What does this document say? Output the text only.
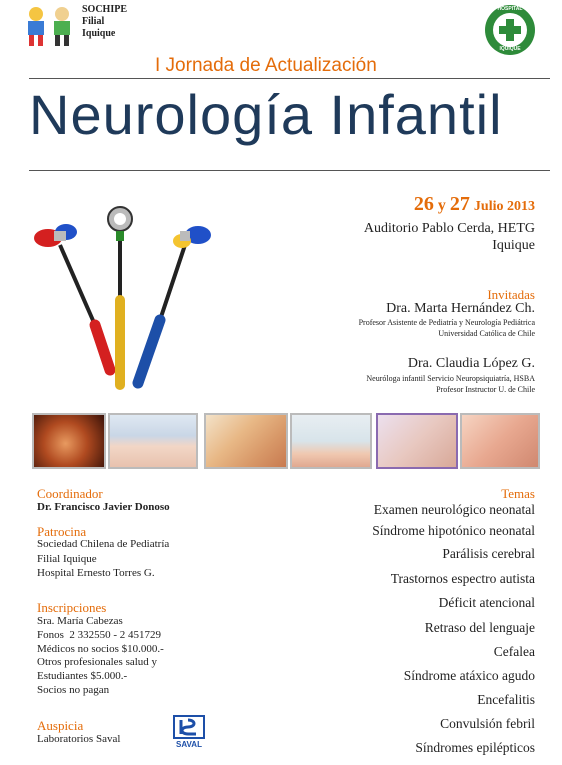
SOCHIPE
Filial
Iquique
HOSPITAL
IQUIQUE
I Jornada de Actualización
Neurología Infantil
26 y 27 Julio 2013
Auditorio Pablo Cerda, HETG
Iquique
Invitadas
Dra. Marta Hernández Ch.
Profesor Asistente de Pediatría y Neurología Pediátrica
Universidad Católica de Chile
Dra. Claudia López G.
Neuróloga infantil Servicio Neuropsiquiatría, HSBA
Profesor Instructor U. de Chile
Coordinador
Dr. Francisco Javier Donoso
Patrocina
Sociedad Chilena de Pediatría
Filial Iquique
Hospital Ernesto Torres G.
Inscripciones
Sra. María Cabezas
Fonos  2 332550 - 2 451729
Médicos no socios $10.000.-
Otros profesionales salud y
Estudiantes $5.000.-
Socios no pagan
Auspicia
Laboratorios Saval	SAVAL
Temas
Examen neurológico neonatal
Síndrome hipotónico neonatal
Parálisis cerebral
Trastornos espectro autista
Déficit atencional
Retraso del lenguaje
Cefalea
Síndrome atáxico agudo
Encefalitis
Convulsión febril
Síndromes epilépticos
